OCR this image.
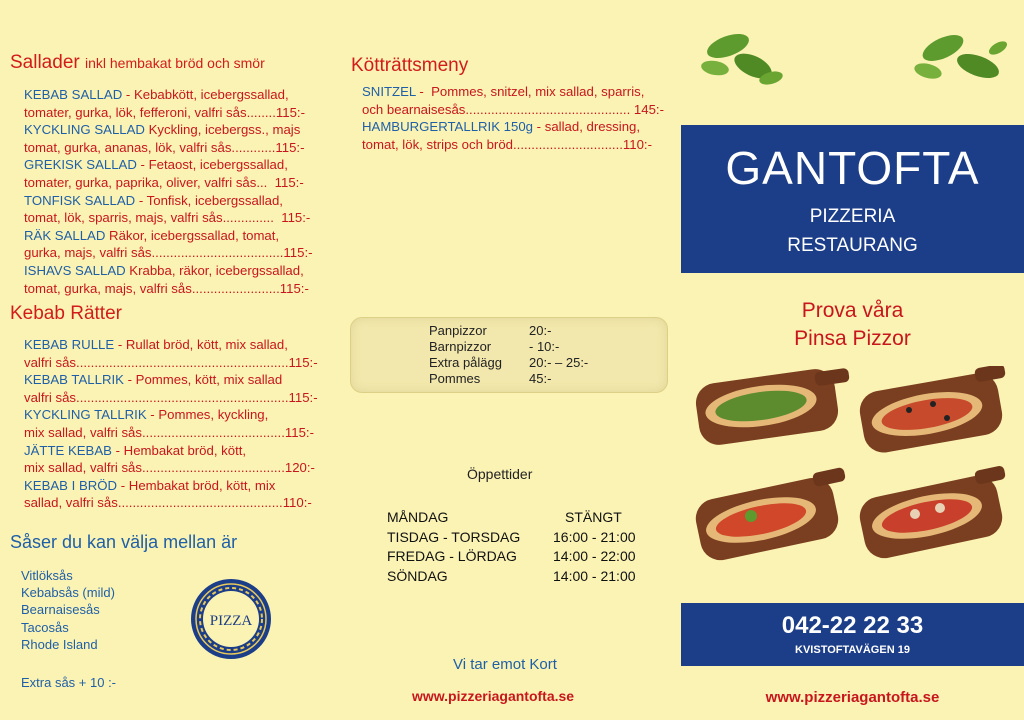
Sallader inkl hembakat bröd och smör
KEBAB SALLAD - Kebabkött, icebergssallad,
tomater, gurka, lök, fefferoni, valfri sås........115:-
KYCKLING SALLAD Kyckling, icebergss., majs
tomat, gurka, ananas, lök, valfri sås............115:-
GREKISK SALLAD - Fetaost, icebergssallad,
tomater, gurka, paprika, oliver, valfri sås...  115:-
TONFISK SALLAD - Tonfisk, icebergssallad,
tomat, lök, sparris, majs, valfri sås..............  115:-
RÄK SALLAD Räkor, icebergssallad, tomat,
gurka, majs, valfri sås....................................115:-
ISHAVS SALLAD Krabba, räkor, icebergssallad,
tomat, gurka, majs, valfri sås........................115:-
Kebab Rätter
KEBAB RULLE - Rullat bröd, kött, mix sallad,
valfri sås..........................................................115:-
KEBAB TALLRIK - Pommes, kött, mix sallad
valfri sås..........................................................115:-
KYCKLING TALLRIK - Pommes, kyckling,
mix sallad, valfri sås.......................................115:-
JÄTTE KEBAB - Hembakat bröd, kött,
mix sallad, valfri sås.......................................120:-
KEBAB I BRÖD - Hembakat bröd, kött, mix
sallad, valfri sås.............................................110:-
Såser du kan välja mellan är
Vitlöksås
Kebabsås (mild)
Bearnaisesås
Tacosås
Rhode Island
Extra sås + 10 :-
PIZZA
Kötträttsmeny
SNITZEL -  Pommes, snitzel, mix sallad, sparris,
och bearnaisesås............................................. 145:-
HAMBURGERTALLRIK 150g - sallad, dressing,
tomat, lök, strips och bröd..............................110:-
Panpizzor	20:-
Barnpizzor	- 10:-
Extra pålägg	20:- – 25:-
Pommes	45:-
Öppettider
MÅNDAG	STÄNGT
TISDAG - TORSDAG 16:00 - 21:00
FREDAG - LÖRDAG	14:00 - 22:00
SÖNDAG	14:00 - 21:00
Vi tar emot Kort
www.pizzeriagantofta.se
GANTOFTA
PIZZERIA
RESTAURANG
Prova våra
Pinsa Pizzor
042-22 22 33
KVISTOFTAVÄGEN 19
www.pizzeriagantofta.se
